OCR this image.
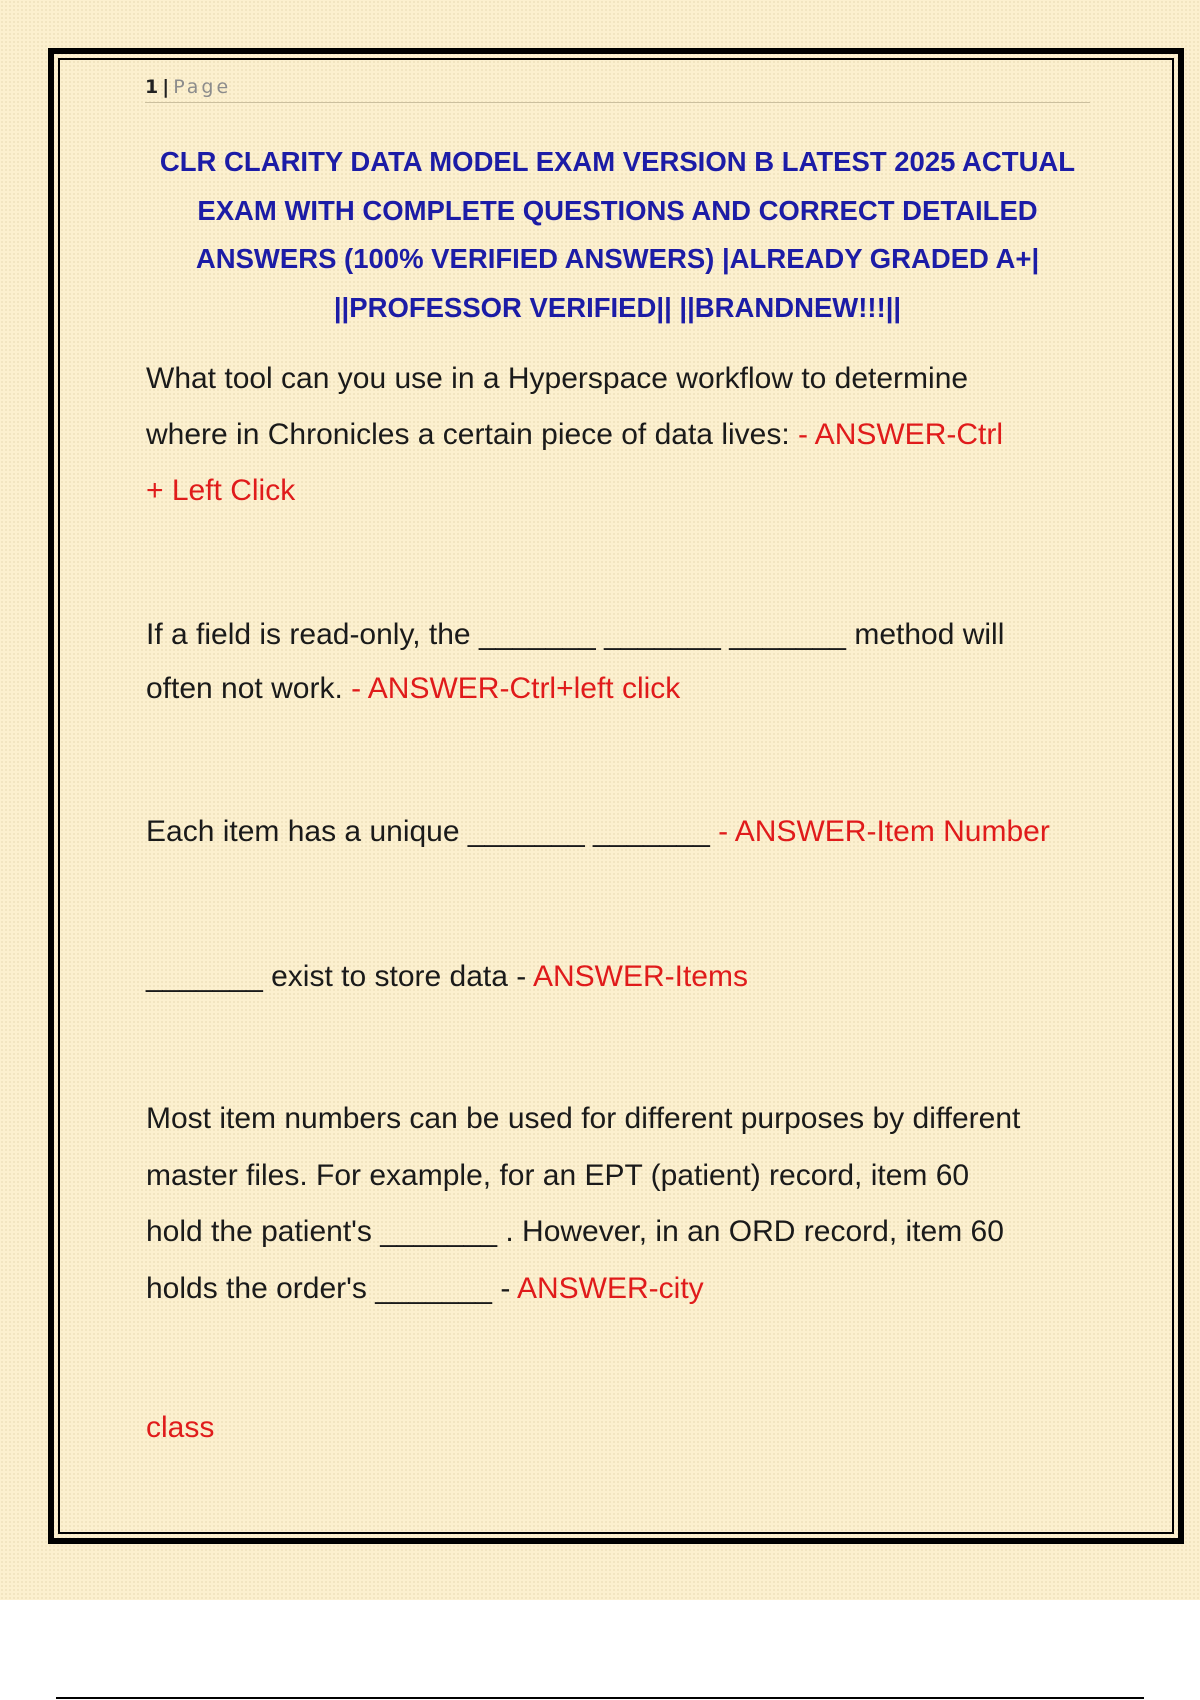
1 | Page
CLR CLARITY DATA MODEL EXAM VERSION B LATEST 2025 ACTUAL
EXAM WITH COMPLETE QUESTIONS AND CORRECT DETAILED
ANSWERS (100% VERIFIED ANSWERS) |ALREADY GRADED A+|
||PROFESSOR VERIFIED|| ||BRANDNEW!!!||
What tool can you use in a Hyperspace workflow to determine
where in Chronicles a certain piece of data lives: - ANSWER-Ctrl
+ Left Click
If a field is read-only, the _______ _______ _______ method will
often not work. - ANSWER-Ctrl+left click
Each item has a unique _______ _______ - ANSWER-Item Number
_______ exist to store data - ANSWER-Items
Most item numbers can be used for different purposes by different
master files. For example, for an EPT (patient) record, item 60
hold the patient's _______ . However, in an ORD record, item 60
holds the order's _______ - ANSWER-city
class
